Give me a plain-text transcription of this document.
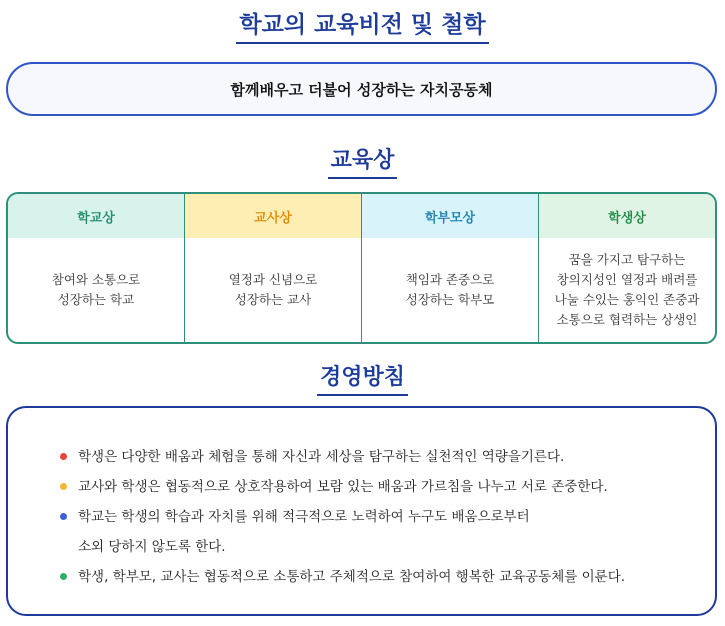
학교의 교육비전 및 철학
함께배우고 더불어 성장하는 자치공동체
교육상
학교상
참여와 소통으로
성장하는 학교
교사상
열정과 신념으로
성장하는 교사
학부모상
책임과 존중으로
성장하는 학부모
학생상
꿈을 가지고 탐구하는
창의지성인 열정과 배려를
나눌 수있는 홍익인 존중과
소통으로 협력하는 상생인
경영방침
학생은 다양한 배움과 체험을 통해 자신과 세상을 탐구하는 실천적인 역량을기른다.
교사와 학생은 협동적으로 상호작용하여 보람 있는 배움과 가르침을 나누고 서로 존중한다.
학교는 학생의 학습과 자치를 위해 적극적으로 노력하여 누구도 배움으로부터
소외 당하지 않도록 한다.
학생, 학부모, 교사는 협동적으로 소통하고 주체적으로 참여하여 행복한 교육공동체를 이룬다.
